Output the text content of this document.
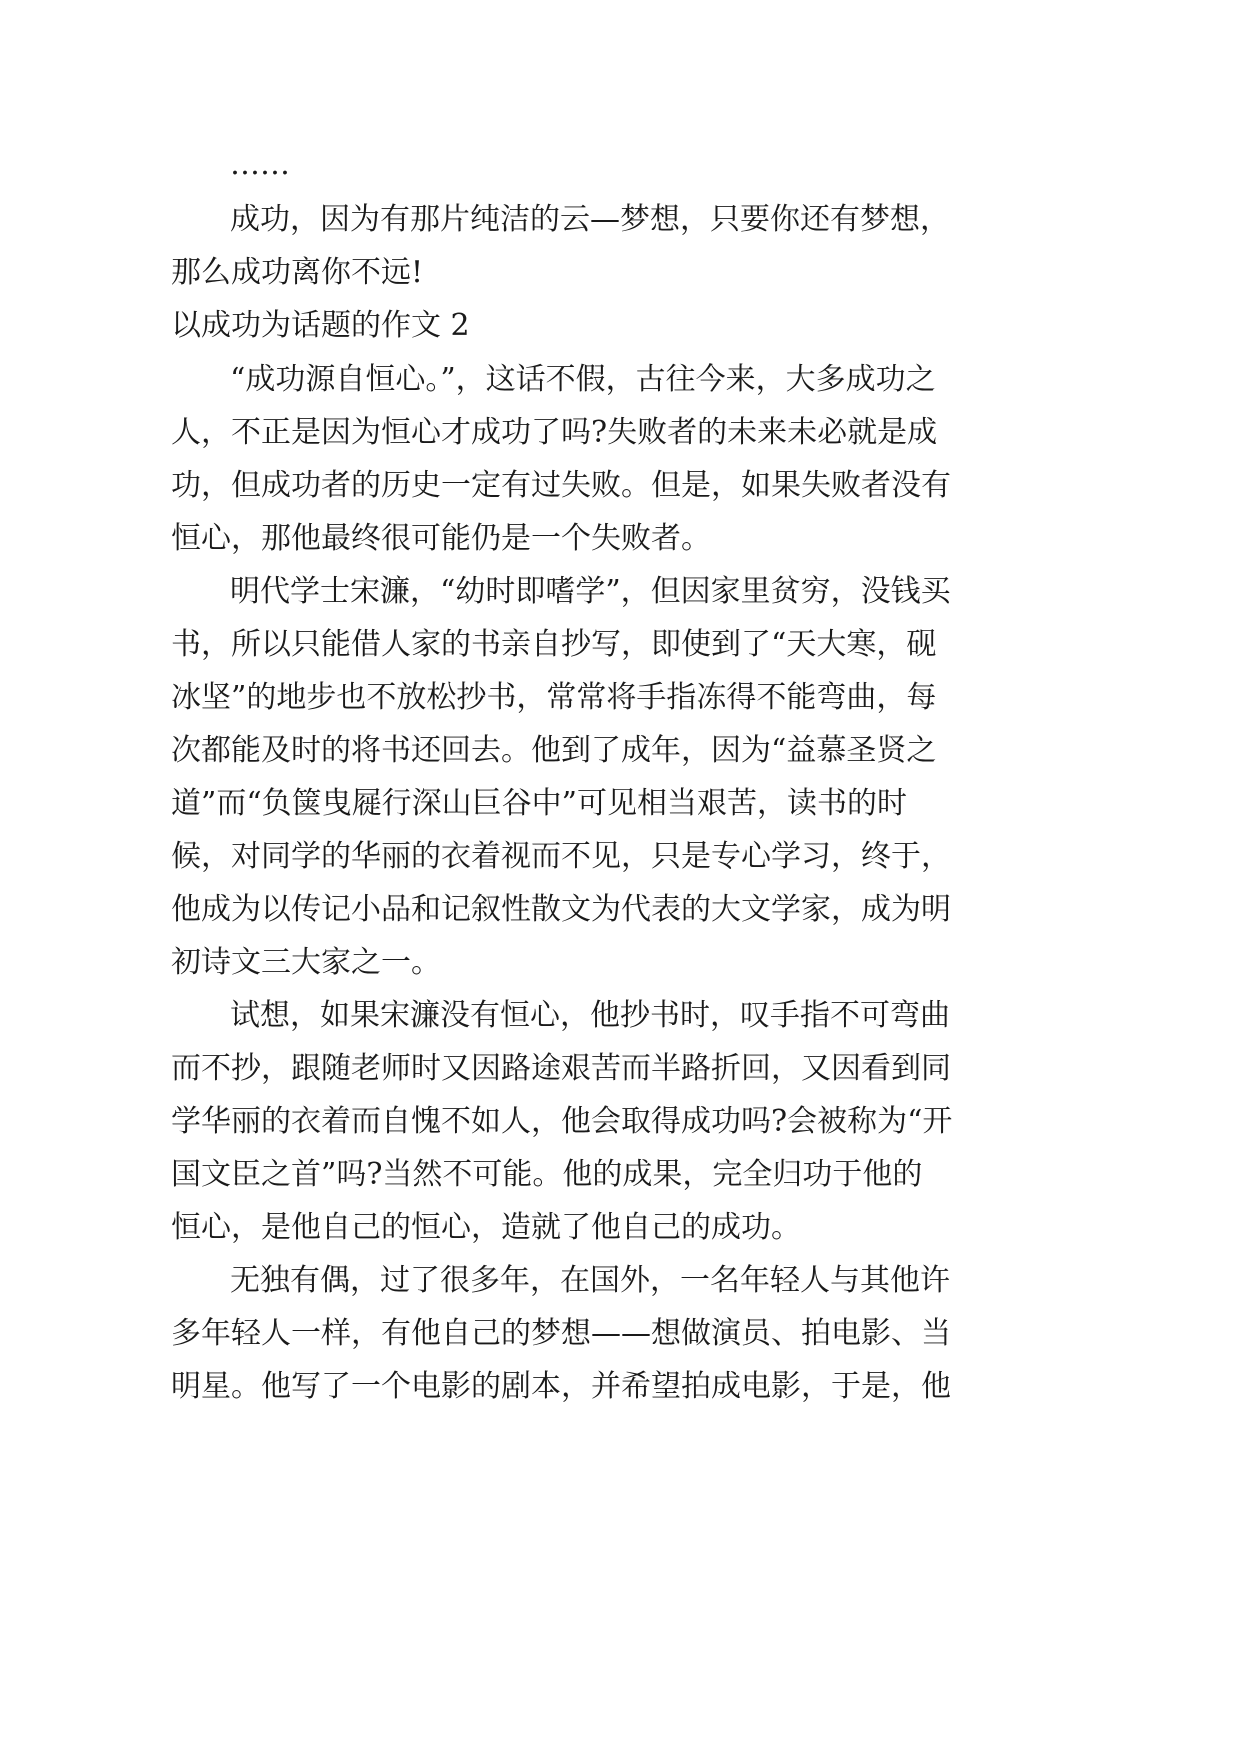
……
成功，因为有那片纯洁的云—梦想，只要你还有梦想，
那么成功离你不远!
以成功为话题的作文 2
“成功源自恒心。”，这话不假，古往今来，大多成功之
人，不正是因为恒心才成功了吗?失败者的未来未必就是成
功，但成功者的历史一定有过失败。但是，如果失败者没有
恒心，那他最终很可能仍是一个失败者。
明代学士宋濂，“幼时即嗜学”，但因家里贫穷，没钱买
书，所以只能借人家的书亲自抄写，即使到了“天大寒，砚
冰坚”的地步也不放松抄书，常常将手指冻得不能弯曲，每
次都能及时的将书还回去。他到了成年，因为“益慕圣贤之
道”而“负箧曳屣行深山巨谷中”可见相当艰苦，读书的时
候，对同学的华丽的衣着视而不见，只是专心学习，终于，
他成为以传记小品和记叙性散文为代表的大文学家，成为明
初诗文三大家之一。
试想，如果宋濂没有恒心，他抄书时，叹手指不可弯曲
而不抄，跟随老师时又因路途艰苦而半路折回，又因看到同
学华丽的衣着而自愧不如人，他会取得成功吗?会被称为“开
国文臣之首”吗?当然不可能。他的成果，完全归功于他的
恒心，是他自己的恒心，造就了他自己的成功。
无独有偶，过了很多年，在国外，一名年轻人与其他许
多年轻人一样，有他自己的梦想——想做演员、拍电影、当
明星。他写了一个电影的剧本，并希望拍成电影，于是，他
